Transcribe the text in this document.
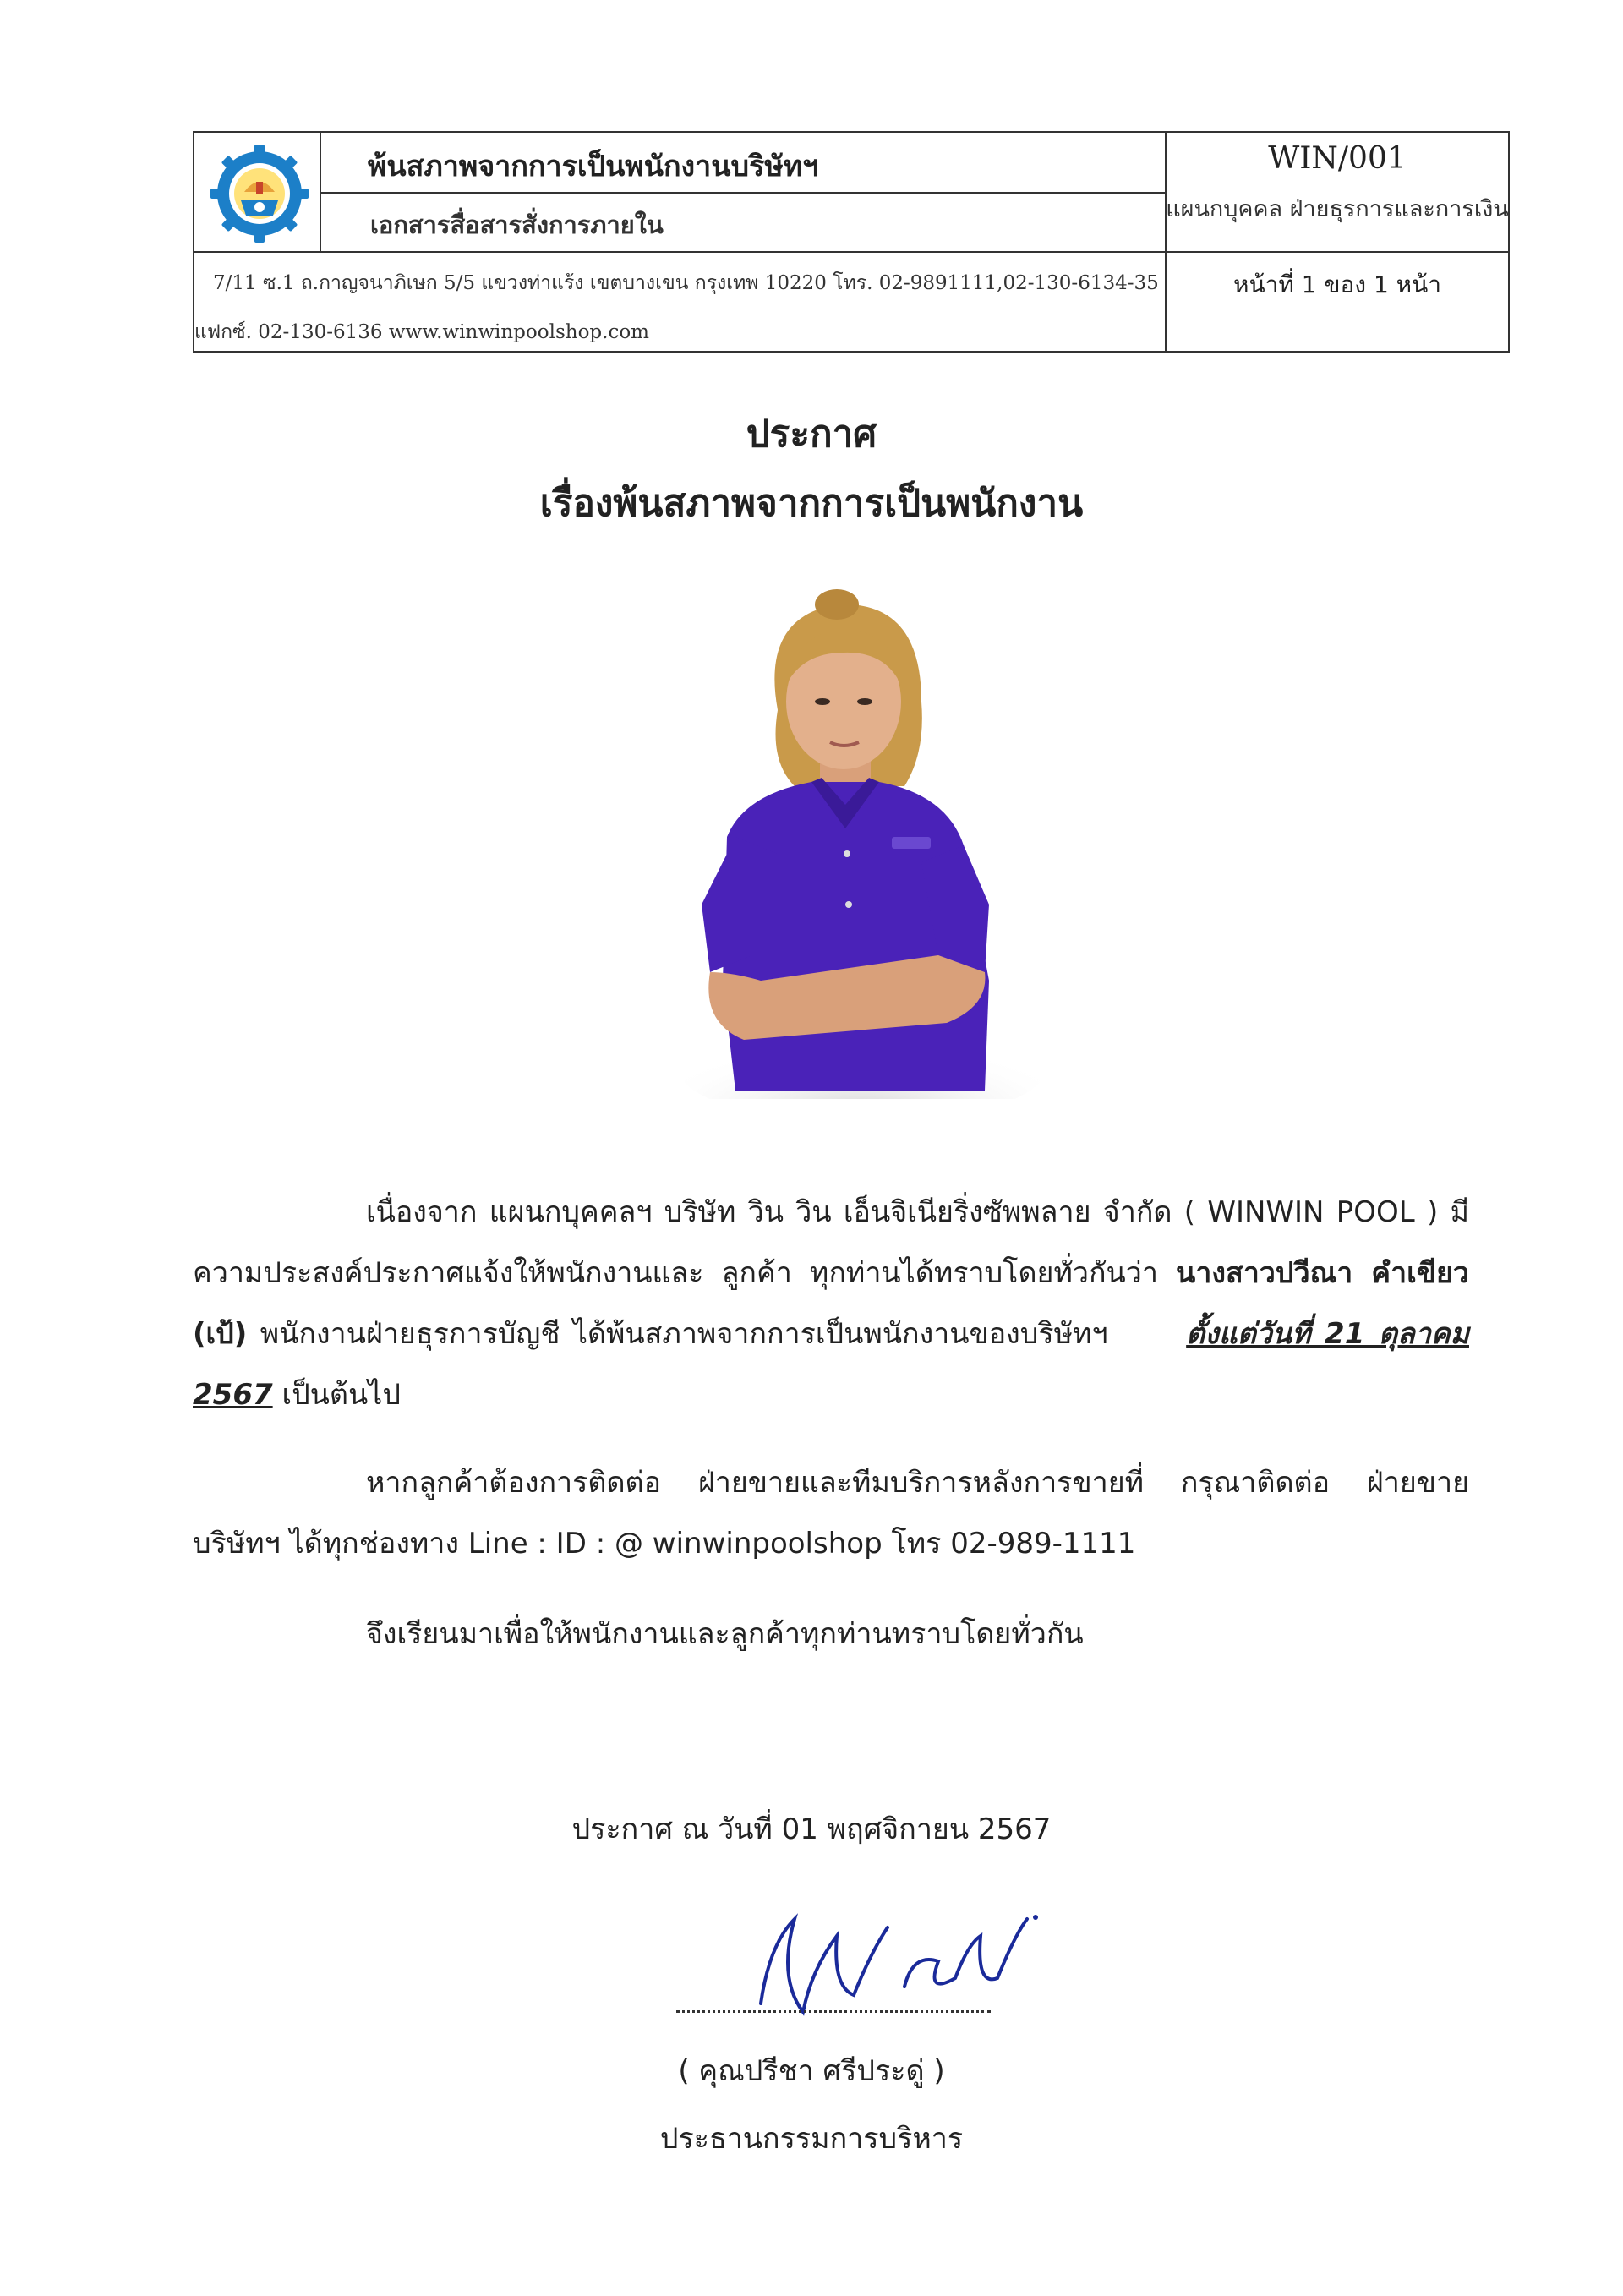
พ้นสภาพจากการเป็นพนักงานบริษัทฯ
เอกสารสื่อสารสั่งการภายใน
WIN/001
แผนกบุคคล ฝ่ายธุรการและการเงิน
7/11 ซ.1 ถ.กาญจนาภิเษก 5/5 แขวงท่าแร้ง เขตบางเขน กรุงเทพ 10220 โทร. 02-9891111,02-130-6134-35
แฟกซ์. 02-130-6136 www.winwinpoolshop.com
หน้าที่ 1 ของ 1 หน้า
ประกาศ
เรื่องพ้นสภาพจากการเป็นพนักงาน
เนื่องจาก แผนกบุคคลฯ บริษัท วิน วิน เอ็นจิเนียริ่งซัพพลาย จำกัด ( WINWIN POOL ) มีความประสงค์ประกาศแจ้งให้พนักงานและ ลูกค้า ทุกท่านได้ทราบโดยทั่วกันว่า นางสาวปวีณา คำเขียว (เป้) พนักงานฝ่ายธุรการบัญชี ได้พ้นสภาพจากการเป็นพนักงานของบริษัทฯ      ตั้งแต่วันที่ 21 ตุลาคม 2567 เป็นต้นไป
หากลูกค้าต้องการติดต่อ ฝ่ายขายและทีมบริการหลังการขายที่ กรุณาติดต่อ ฝ่ายขาย บริษัทฯ ได้ทุกช่องทาง Line : ID : @ winwinpoolshop โทร 02-989-1111
จึงเรียนมาเพื่อให้พนักงานและลูกค้าทุกท่านทราบโดยทั่วกัน
ประกาศ ณ วันที่ 01 พฤศจิกายน 2567
( คุณปรีชา ศรีประดู่ )
ประธานกรรมการบริหาร
